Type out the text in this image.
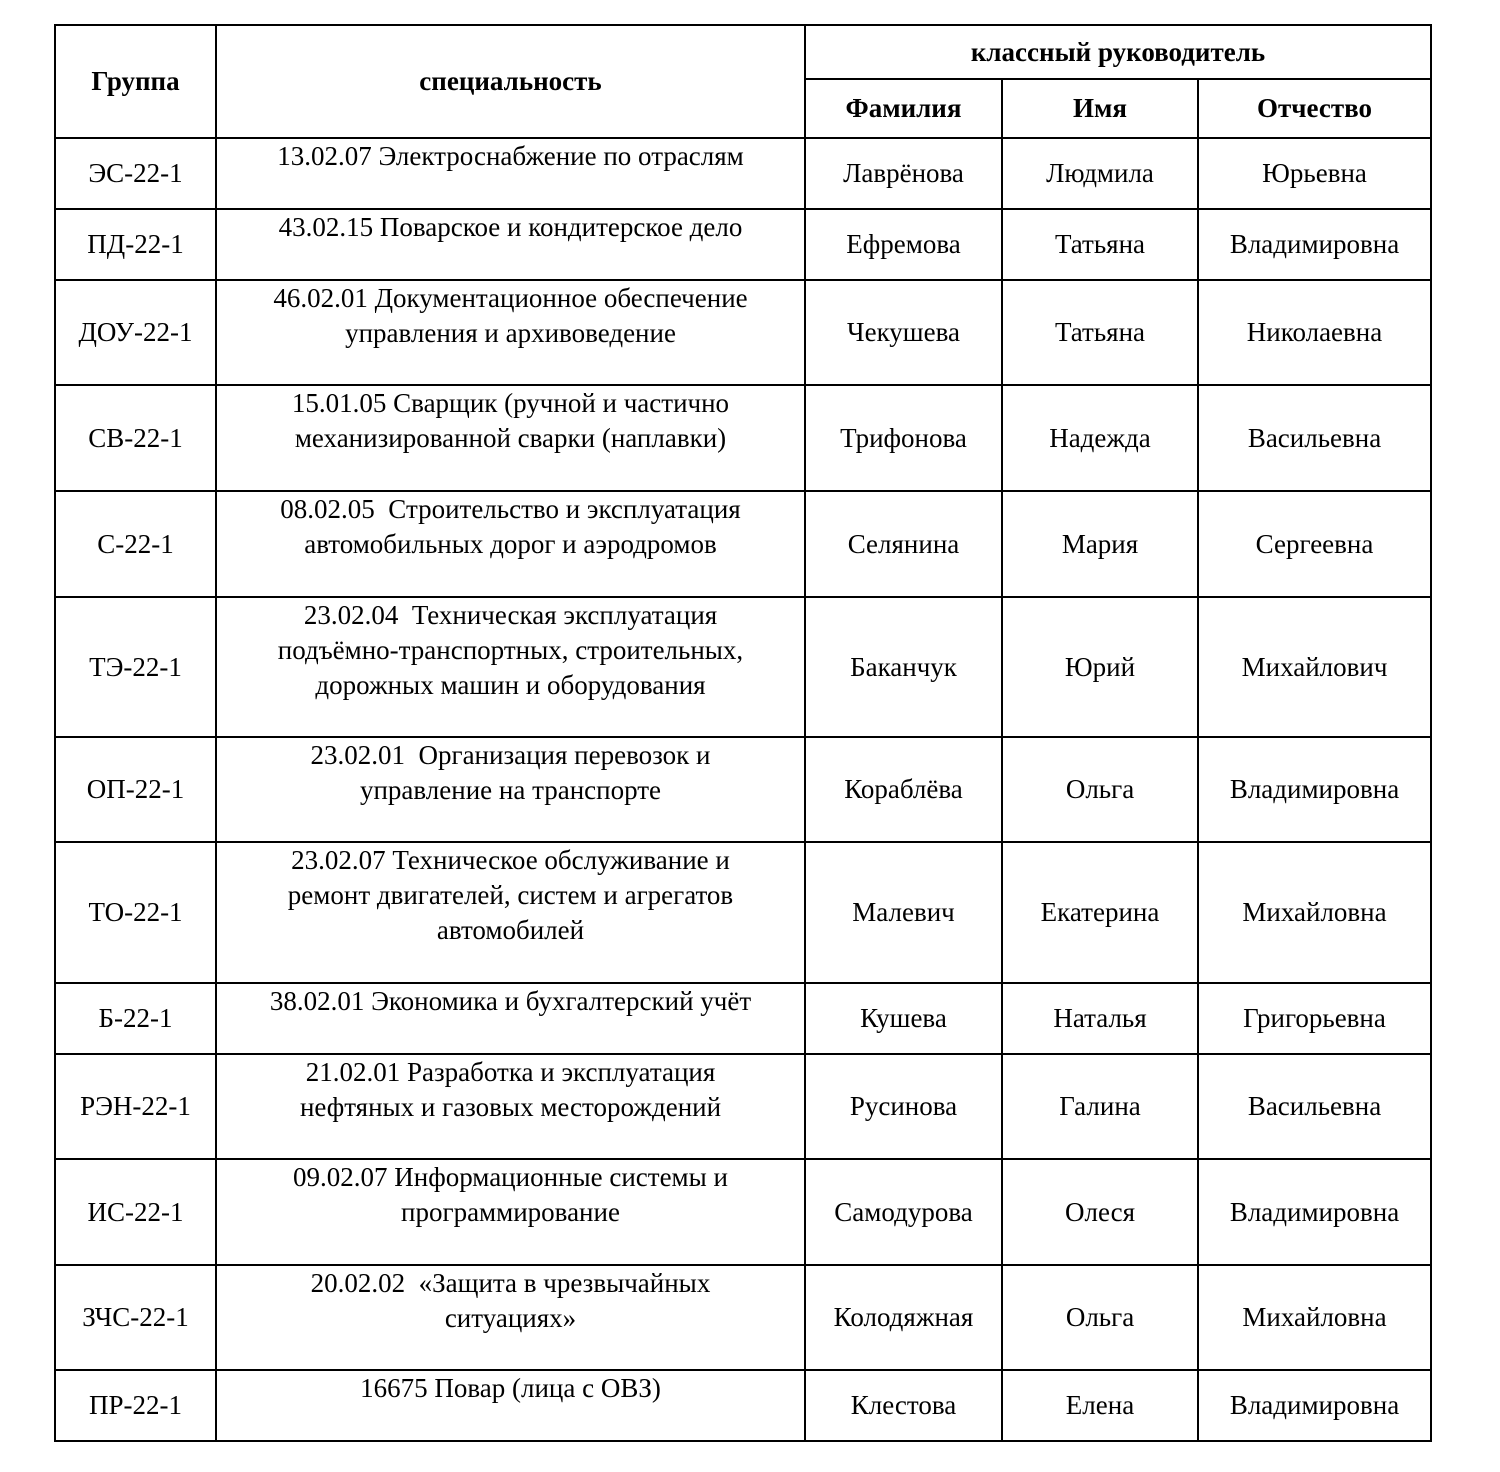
Группа	специальность	классный руководитель		
		Фамилия	Имя	Отчество
ЭС-22-1	13.02.07 Электроснабжение по отраслям	Лаврёнова	Людмила	Юрьевна
ПД-22-1	43.02.15 Поварское и кондитерское дело	Ефремова	Татьяна	Владимировна
ДОУ-22-1	46.02.01 Документационное обеспечение
управления и архивоведение	Чекушева	Татьяна	Николаевна
СВ-22-1	15.01.05 Сварщик (ручной и частично
механизированной сварки (наплавки)	Трифонова	Надежда	Васильевна
С-22-1	08.02.05  Строительство и эксплуатация
автомобильных дорог и аэродромов	Селянина	Мария	Сергеевна
ТЭ-22-1	23.02.04  Техническая эксплуатация
подъёмно-транспортных, строительных,
дорожных машин и оборудования	Баканчук	Юрий	Михайлович
ОП-22-1	23.02.01  Организация перевозок и
управление на транспорте	Кораблёва	Ольга	Владимировна
ТО-22-1	23.02.07 Техническое обслуживание и
ремонт двигателей, систем и агрегатов
автомобилей	Малевич	Екатерина	Михайловна
Б-22-1	38.02.01 Экономика и бухгалтерский учёт	Кушева	Наталья	Григорьевна
РЭН-22-1	21.02.01 Разработка и эксплуатация
нефтяных и газовых месторождений	Русинова	Галина	Васильевна
ИС-22-1	09.02.07 Информационные системы и
программирование	Самодурова	Олеся	Владимировна
ЗЧС-22-1	20.02.02  «Защита в чрезвычайных
ситуациях»	Колодяжная	Ольга	Михайловна
ПР-22-1	16675 Повар (лица с ОВЗ)	Клестова	Елена	Владимировна
